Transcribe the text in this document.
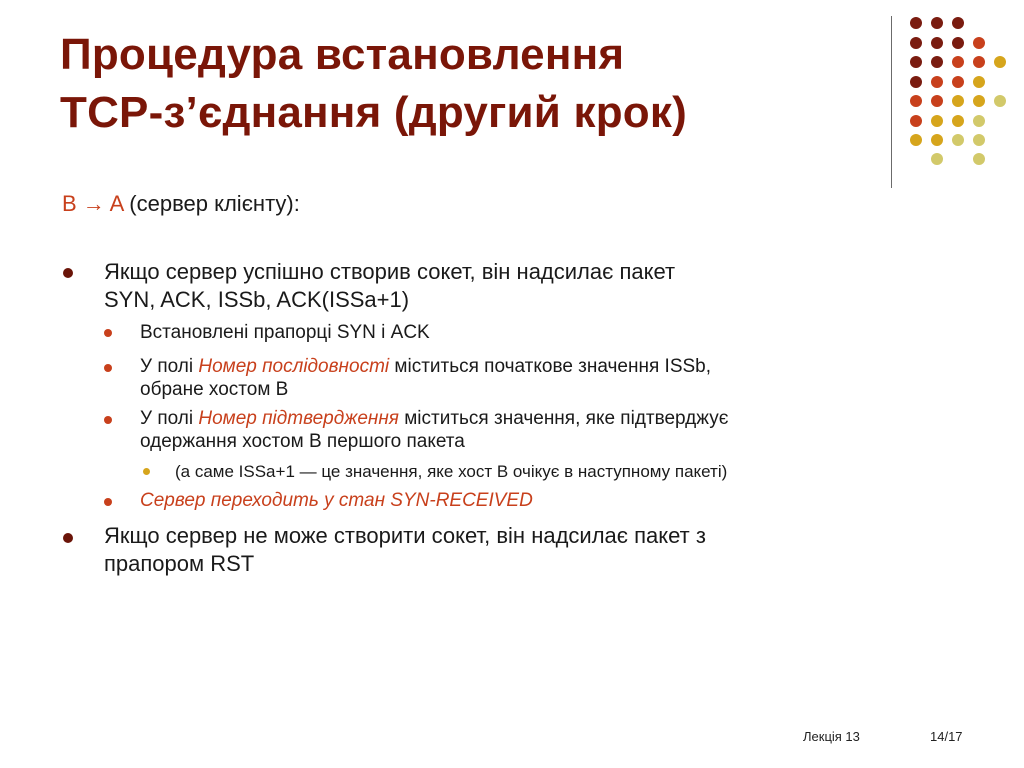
Процедура встановлення
TCP-з’єднання (другий крок)
B → A (сервер клієнту):
Якщо сервер успішно створив сокет, він надсилає пакет
SYN, ACK, ISSb, ACK(ISSa+1)
Встановлені прапорці SYN і ACK
У полі Номер послідовності міститься початкове значення ISSb,
обране хостом B
У полі Номер підтвердження міститься значення, яке підтверджує
одержання хостом B першого пакета
(а саме ISSa+1 — це значення, яке хост B очікує в наступному пакеті)
Сервер переходить у стан SYN-RECEIVED
Якщо сервер не може створити сокет, він надсилає пакет з
прапором RST
Лекція 13	14/17
